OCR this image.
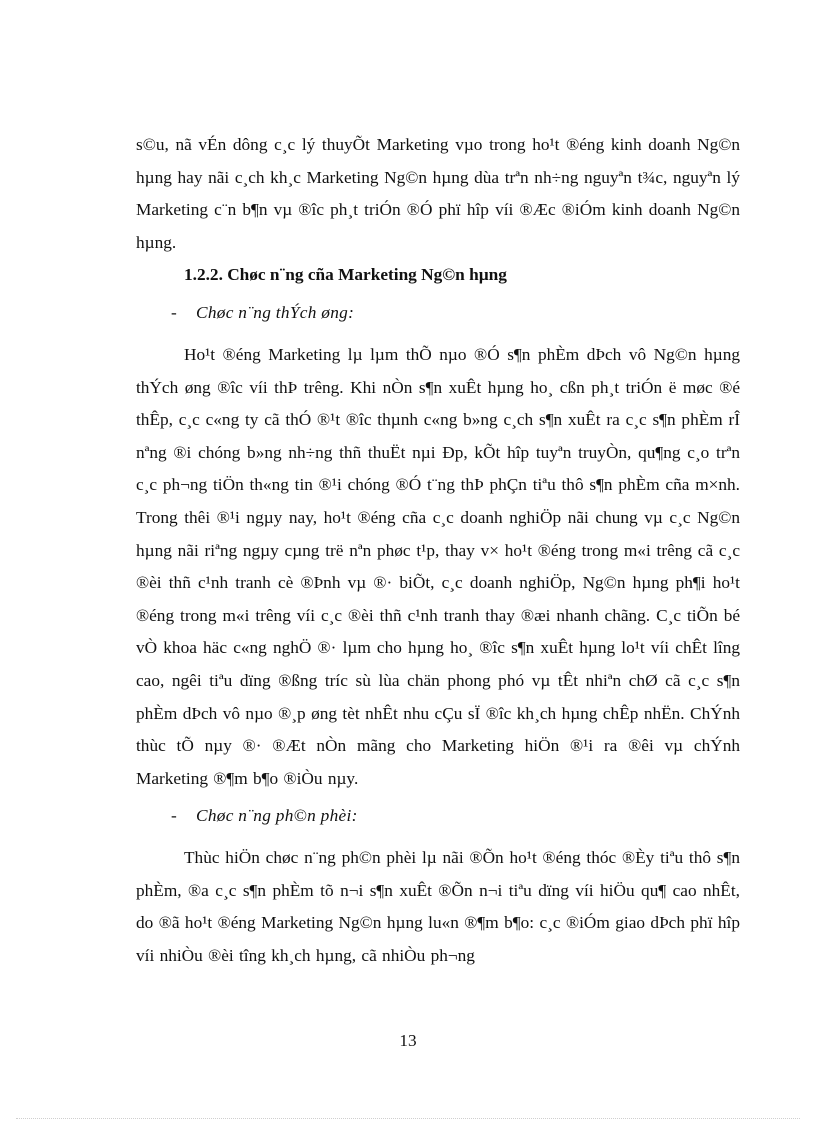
s©u, nã vÉn dông c¸c lý thuyÕt Marketing vµo trong ho¹t ®éng kinh doanh Ng©n hµng hay nãi c¸ch kh¸c Marketing Ng©n hµng dùa trªn nh÷ng nguyªn t¾c, nguyªn lý Marketing c¨n b¶n vµ ®îc ph¸t triÓn ®Ó phï hîp víi ®Æc ®iÓm kinh doanh Ng©n hµng.

1.2.2. Chøc n¨ng cña Marketing Ng©n hµng
- Chøc n¨ng thÝch øng:

Ho¹t ®éng Marketing lµ lµm thÕ nµo ®Ó s¶n phÈm dÞch vô Ng©n hµng thÝch øng ®îc víi thÞ trêng. Khi nÒn s¶n xuÊt hµng ho¸ cßn ph¸t triÓn ë møc ®é thÊp, c¸c c«ng ty cã thÓ ®¹t ®îc thµnh c«ng b»ng c¸ch s¶n xuÊt ra c¸c s¶n phÈm rÎ nªng ®i chóng b»ng nh÷ng thñ thuËt nµi Ðp, kÕt hîp tuyªn truyÒn, qu¶ng c¸o trªn c¸c ph¬ng tiÖn th«ng tin ®¹i chóng ®Ó t¨ng thÞ phÇn tiªu thô s¶n phÈm cña m×nh. Trong thêi ®¹i ngµy nay, ho¹t ®éng cña c¸c doanh nghiÖp nãi chung vµ c¸c Ng©n hµng nãi riªng ngµy cµng trë nªn phøc t¹p, thay v× ho¹t ®éng trong m«i trêng cã c¸c ®èi thñ c¹nh tranh cè ®Þnh vµ ®· biÕt, c¸c doanh nghiÖp, Ng©n hµng ph¶i ho¹t ®éng trong m«i trêng víi c¸c ®èi thñ c¹nh tranh thay ®æi nhanh chãng. C¸c tiÕn bé vÒ khoa häc c«ng nghÖ ®· lµm cho hµng ho¸ ®îc s¶n xuÊt hµng lo¹t víi chÊt lîng cao, ngêi tiªu dïng ®ßng tríc sù lùa chän phong phó vµ tÊt nhiªn chØ cã c¸c s¶n phÈm dÞch vô nµo ®¸p øng tèt nhÊt nhu cÇu sÏ ®îc kh¸ch hµng chÊp nhËn. ChÝnh thùc tÕ nµy ®· ®Æt nÒn mãng cho Marketing hiÖn ®¹i ra ®êi vµ chÝnh Marketing ®¶m b¶o ®iÒu nµy.

- Chøc n¨ng ph©n phèi:

Thùc hiÖn chøc n¨ng ph©n phèi lµ nãi ®Õn ho¹t ®éng thóc ®Èy tiªu thô s¶n phÈm, ®a c¸c s¶n phÈm tõ n¬i s¶n xuÊt ®Õn n¬i tiªu dïng víi hiÖu qu¶ cao nhÊt, do ®ã ho¹t ®éng Marketing Ng©n hµng lu«n ®¶m b¶o: c¸c ®iÓm giao dÞch phï hîp víi nhiÒu ®èi tîng kh¸ch hµng, cã nhiÒu ph¬ng

13
